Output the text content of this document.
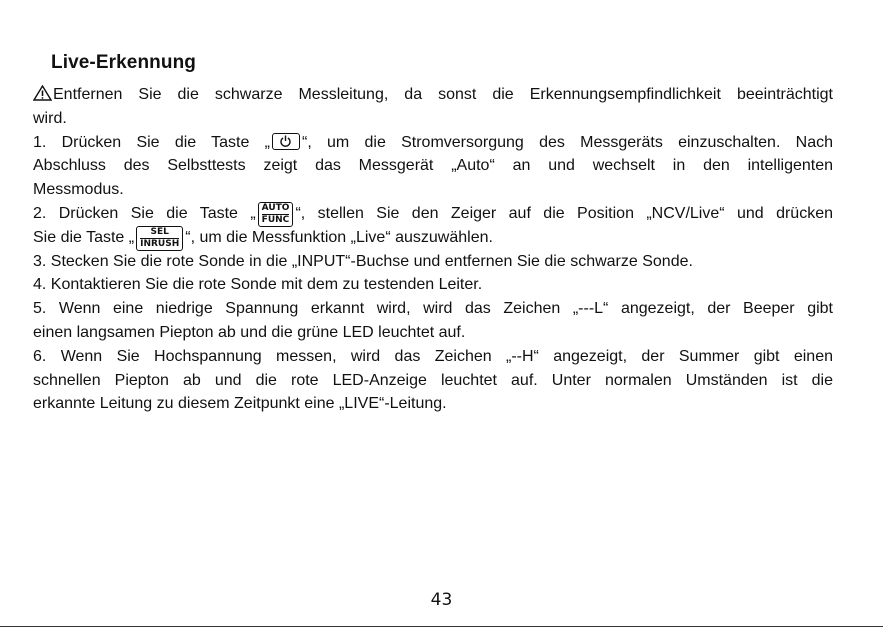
Live-Erkennung
Entfernen Sie die schwarze Messleitung, da sonst die Erkennungsempfindlichkeit beeinträchtigt
wird.
1. Drücken Sie die Taste „ “, um die Stromversorgung des Messgeräts einzuschalten. Nach
Abschluss des Selbsttests zeigt das Messgerät „Auto“ an und wechselt in den intelligenten
Messmodus.
2. Drücken Sie die Taste „ AUTO
FUNC “, stellen Sie den Zeiger auf die Position „NCV/Live“ und drücken
Sie die Taste „	SEL
INRUSH “, um die Messfunktion „Live“ auszuwählen.
3. Stecken Sie die rote Sonde in die „INPUT“-Buchse und entfernen Sie die schwarze Sonde.
4. Kontaktieren Sie die rote Sonde mit dem zu testenden Leiter.
5. Wenn eine niedrige Spannung erkannt wird, wird das Zeichen „---L“ angezeigt, der Beeper gibt
einen langsamen Piepton ab und die grüne LED leuchtet auf.
6. Wenn Sie Hochspannung messen, wird das Zeichen „--H“ angezeigt, der Summer gibt einen
schnellen Piepton ab und die rote LED-Anzeige leuchtet auf. Unter normalen Umständen ist die
erkannte Leitung zu diesem Zeitpunkt eine „LIVE“-Leitung.
43
